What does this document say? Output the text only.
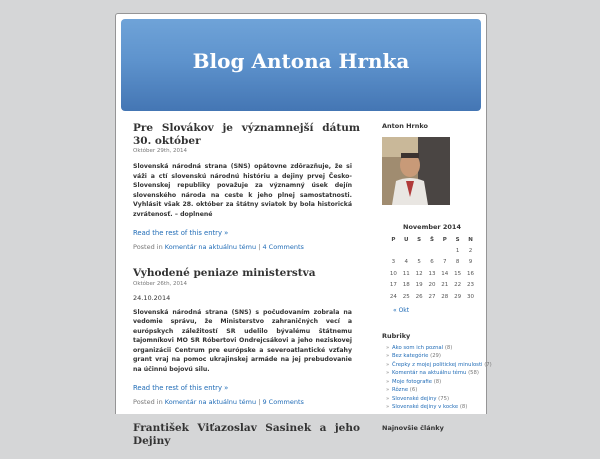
Blog Antona Hrnka
Pre Slovákov je významnejší dátum 30. október
Október 29th, 2014

Slovenská národná strana (SNS) opätovne zdôrazňuje, že si váži a ctí slovenskú národnú históriu a dejiny prvej Česko-Slovenskej republiky považuje za významný úsek dejín slovenského národa na ceste k jeho plnej samostatnosti. Vyhlásit však 28. október za štátny sviatok by bola historická zvrátenosť. – doplnené

Read the rest of this entry »
Posted in Komentár na aktuálnu tému | 4 Comments
Vyhodené peniaze ministerstva
Október 26th, 2014
24.10.2014

Slovenská národná strana (SNS) s počudovaním zobrala na vedomie správu, že Ministerstvo zahraničných vecí a európskych záležitostí SR udelilo bývalému štátnemu tajomníkovi MO SR Róbertovi Ondrejcsákovi a jeho neziskovej organizácii Centrum pre európske a severoatlantické vzťahy grant vraj na pomoc ukrajinskej armáde na jej prebudovanie na účinnú bojovú silu.

Read the rest of this entry »
Posted in Komentár na aktuálnu tému | 9 Comments
František Viťazoslav Sasinek a jeho Dejiny
Anton Hrnko
November 2014
P	U	S	Š	P	S	N
					1	2
3	4	5	6	7	8	9
10	11	12	13	14	15	16
17	18	19	20	21	22	23
24	25	26	27	28	29	30
« Okt
Rubriky
» Ako som ich poznal (8)
» Bez kategórie (29)
» Črepky z mojej politickej minulosti (7)
» Komentár na aktuálnu tému (58)
» Moje fotografie (8)
» Rôzne (6)
» Slovenské dejiny (75)
» Slovenské dejiny v kocke (8)
Najnovšie články
